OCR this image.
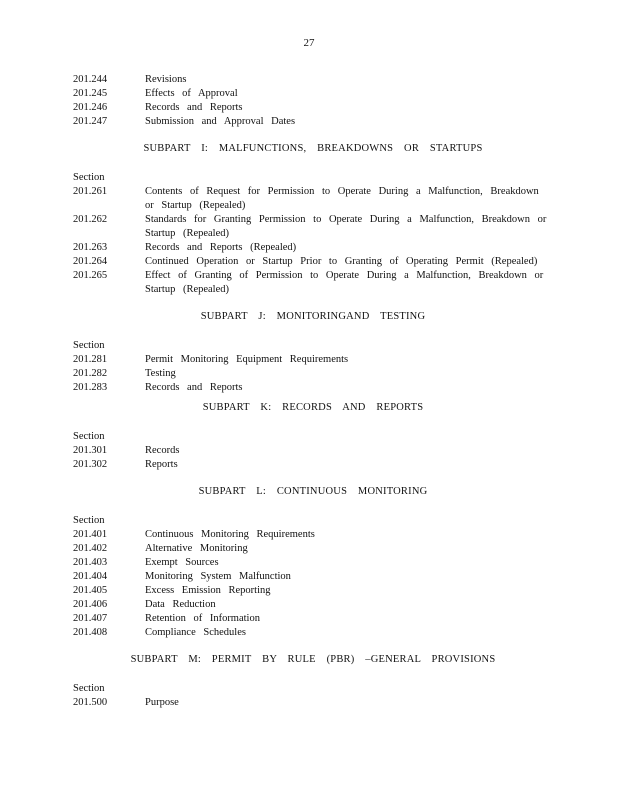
27
201.244	Revisions
201.245	Effects of Approval
201.246	Records and Reports
201.247	Submission and Approval Dates
SUBPART I: MALFUNCTIONS, BREAKDOWNS OR STARTUPS
Section
201.261	Contents of Request for Permission to Operate During a Malfunction, Breakdown or Startup (Repealed)
201.262	Standards for Granting Permission to Operate During a Malfunction, Breakdown or Startup (Repealed)
201.263	Records and Reports (Repealed)
201.264	Continued Operation or Startup Prior to Granting of Operating Permit (Repealed)
201.265	Effect of Granting of Permission to Operate During a Malfunction, Breakdown or Startup (Repealed)
SUBPART J: MONITORINGAND TESTING
Section
201.281	Permit Monitoring Equipment Requirements
201.282	Testing
201.283	Records and Reports
SUBPART K: RECORDS AND REPORTS
Section
201.301	Records
201.302	Reports
SUBPART L: CONTINUOUS MONITORING
Section
201.401	Continuous Monitoring Requirements
201.402	Alternative Monitoring
201.403	Exempt Sources
201.404	Monitoring System Malfunction
201.405	Excess Emission Reporting
201.406	Data Reduction
201.407	Retention of Information
201.408	Compliance Schedules
SUBPART M: PERMIT BY RULE (PBR) –GENERAL PROVISIONS
Section
201.500	Purpose
